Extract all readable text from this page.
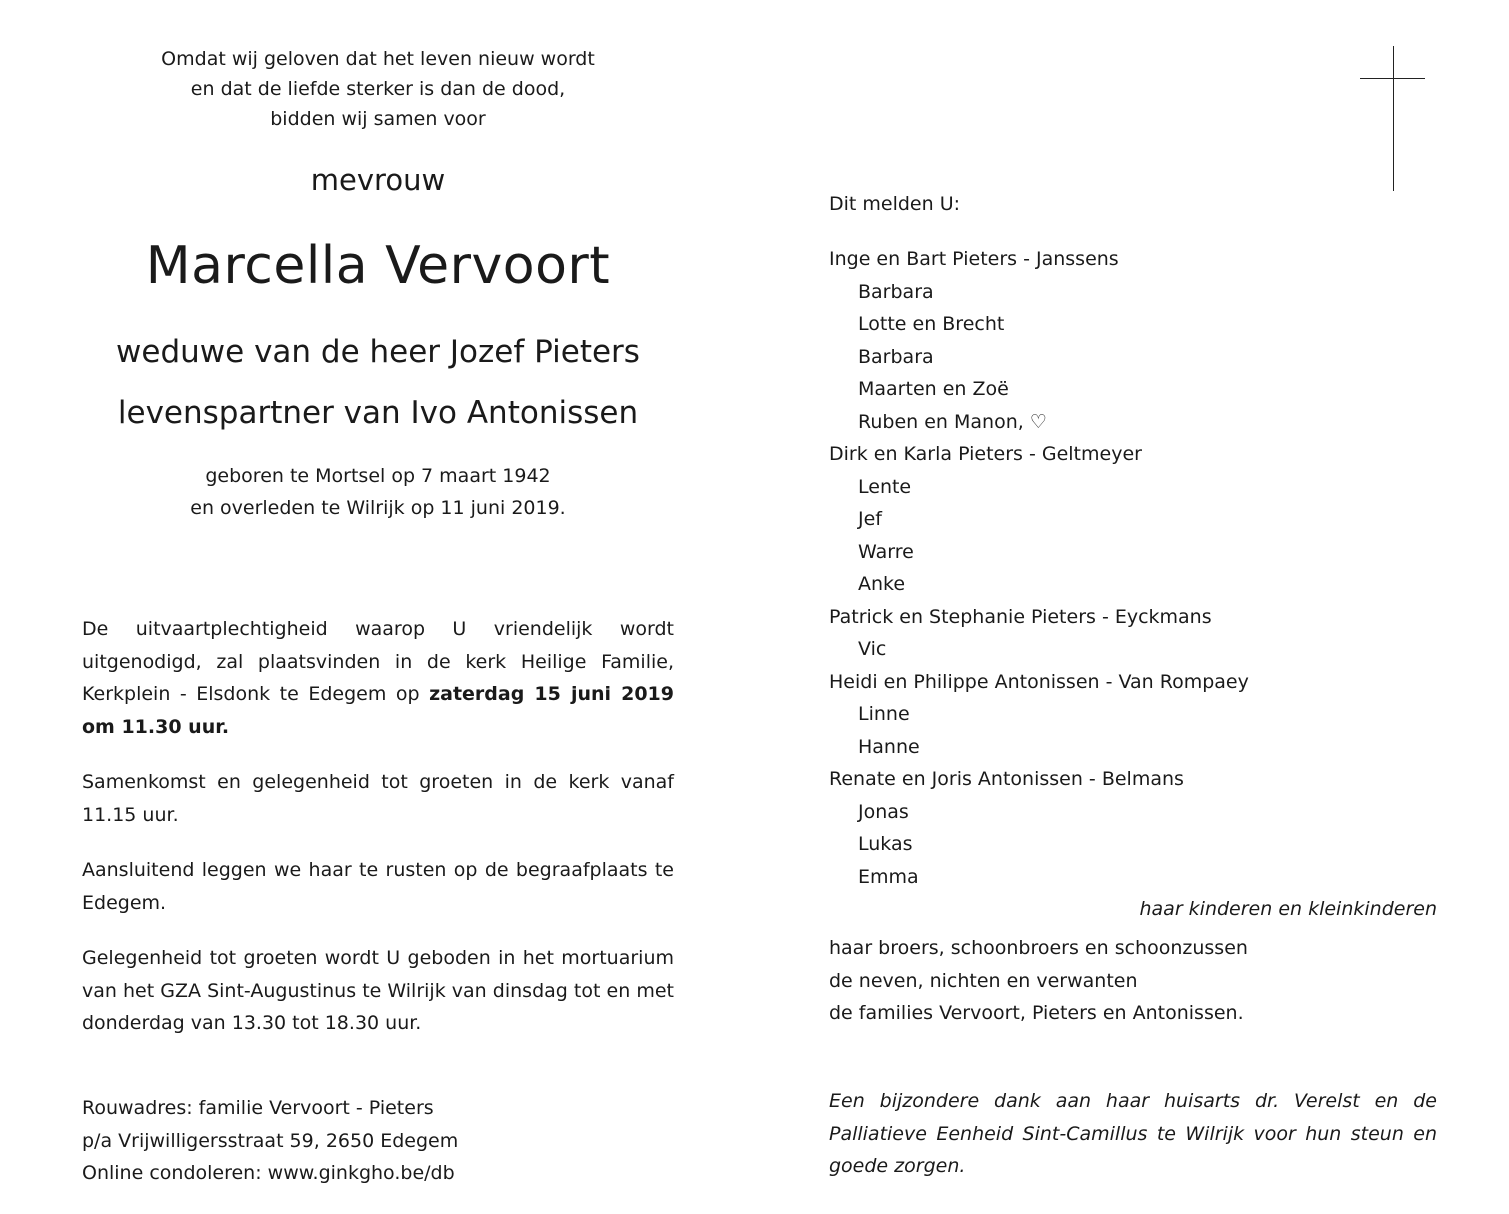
Omdat wij geloven dat het leven nieuw wordt
en dat de liefde sterker is dan de dood,
bidden wij samen voor
mevrouw
Marcella Vervoort
weduwe van de heer Jozef Pieters
levenspartner van Ivo Antonissen
geboren te Mortsel op 7 maart 1942
en overleden te Wilrijk op 11 juni 2019.
De uitvaartplechtigheid waarop U vriendelijk wordt uitgenodigd, zal plaatsvinden in de kerk Heilige Familie, Kerkplein - Elsdonk te Edegem op zaterdag 15 juni 2019 om 11.30 uur.
Samenkomst en gelegenheid tot groeten in de kerk vanaf 11.15 uur.
Aansluitend leggen we haar te rusten op de begraafplaats te Edegem.
Gelegenheid tot groeten wordt U geboden in het mortuarium van het GZA Sint-Augustinus te Wilrijk van dinsdag tot en met donderdag van 13.30 tot 18.30 uur.
Rouwadres: familie Vervoort - Pieters
p/a Vrijwilligersstraat 59, 2650 Edegem
Online condoleren: www.ginkgho.be/db
Dit melden U:
Inge en Bart Pieters - Janssens
Barbara
Lotte en Brecht
Barbara
Maarten en Zoë
Ruben en Manon, ♡
Dirk en Karla Pieters - Geltmeyer
Lente
Jef
Warre
Anke
Patrick en Stephanie Pieters - Eyckmans
Vic
Heidi en Philippe Antonissen - Van Rompaey
Linne
Hanne
Renate en Joris Antonissen - Belmans
Jonas
Lukas
Emma
haar kinderen en kleinkinderen
haar broers, schoonbroers en schoonzussen
de neven, nichten en verwanten
de families Vervoort, Pieters en Antonissen.
Een bijzondere dank aan haar huisarts dr. Verelst en de Palliatieve Eenheid Sint-Camillus te Wilrijk voor hun steun en goede zorgen.
